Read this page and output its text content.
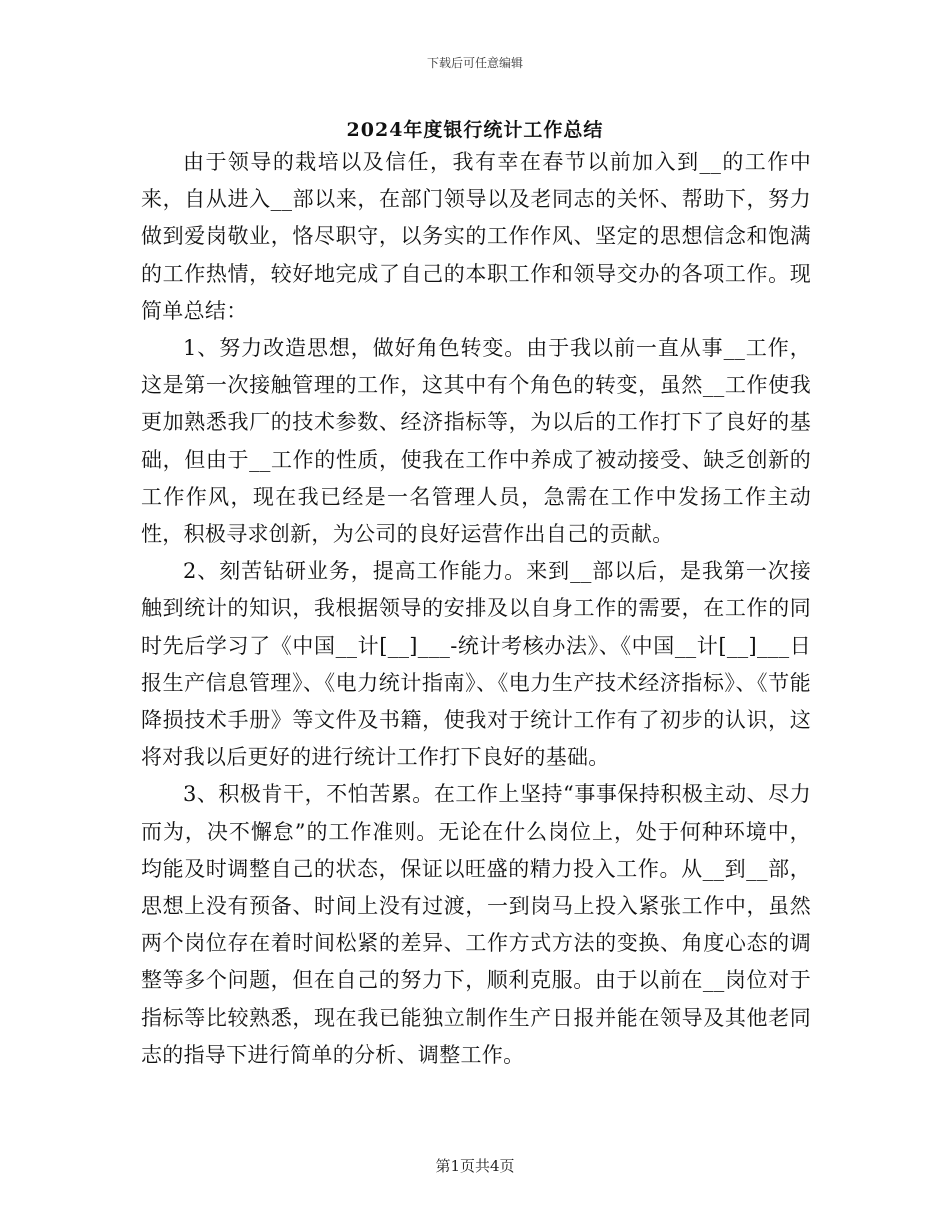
下载后可任意编辑
2024年度银行统计工作总结

由于领导的栽培以及信任，我有幸在春节以前加入到__的工作中来，自从进入__部以来，在部门领导以及老同志的关怀、帮助下，努力做到爱岗敬业，恪尽职守，以务实的工作作风、坚定的思想信念和饱满的工作热情，较好地完成了自己的本职工作和领导交办的各项工作。现简单总结：

1、努力改造思想，做好角色转变。由于我以前一直从事__工作，这是第一次接触管理的工作，这其中有个角色的转变，虽然__工作使我更加熟悉我厂的技术参数、经济指标等，为以后的工作打下了良好的基础，但由于__工作的性质，使我在工作中养成了被动接受、缺乏创新的工作作风，现在我已经是一名管理人员，急需在工作中发扬工作主动性，积极寻求创新，为公司的良好运营作出自己的贡献。

2、刻苦钻研业务，提高工作能力。来到__部以后，是我第一次接触到统计的知识，我根据领导的安排及以自身工作的需要，在工作的同时先后学习了《中国__计[__]___-统计考核办法》、《中国__计[__]___日报生产信息管理》、《电力统计指南》、《电力生产技术经济指标》、《节能降损技术手册》等文件及书籍，使我对于统计工作有了初步的认识，这将对我以后更好的进行统计工作打下良好的基础。

3、积极肯干，不怕苦累。在工作上坚持“事事保持积极主动、尽力而为，决不懈怠”的工作准则。无论在什么岗位上，处于何种环境中，均能及时调整自己的状态，保证以旺盛的精力投入工作。从__到__部，思想上没有预备、时间上没有过渡，一到岗马上投入紧张工作中，虽然两个岗位存在着时间松紧的差异、工作方式方法的变换、角度心态的调整等多个问题，但在自己的努力下，顺利克服。由于以前在__岗位对于指标等比较熟悉，现在我已能独立制作生产日报并能在领导及其他老同志的指导下进行简单的分析、调整工作。

第1页共4页
